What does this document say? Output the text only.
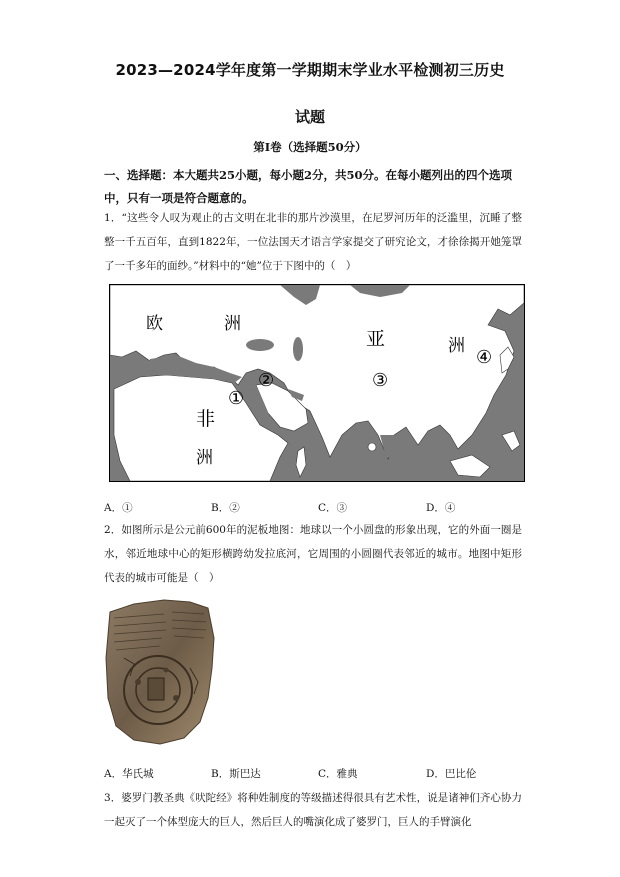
2023—2024学年度第一学期期末学业水平检测初三历史
试题
第Ⅰ卷（选择题50分）
一、选择题：本大题共25小题，每小题2分，共50分。在每小题列出的四个选项中，只有一项是符合题意的。
1．“这些令人叹为观止的古文明在北非的那片沙漠里，在尼罗河历年的泛滥里，沉睡了整整一千五百年，直到1822年，一位法国天才语言学家提交了研究论文，才徐徐揭开她笼罩了一千多年的面纱。”材料中的“她”位于下图中的（　）
欧	洲
亚	洲
非
洲
①
②	③
④
A．①	B．②	C．③	D．④
2．如图所示是公元前600年的泥板地图：地球以一个小圆盘的形象出现，它的外面一圈是水，邻近地球中心的矩形横跨幼发拉底河，它周围的小圆圈代表邻近的城市。地图中矩形代表的城市可能是（　）
A．华氏城	B．斯巴达	C．雅典	D．巴比伦
3．婆罗门教圣典《吠陀经》将种姓制度的等级描述得很具有艺术性，说是诸神们齐心协力一起灭了一个体型庞大的巨人，然后巨人的嘴演化成了婆罗门，巨人的手臂演化
